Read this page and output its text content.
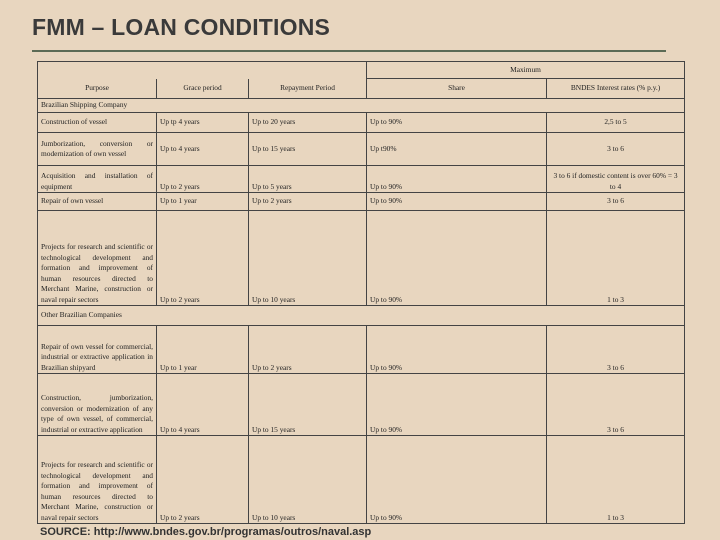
FMM – LOAN CONDITIONS
			Maximum	
Purpose	Grace period	Repayment Period	Share	BNDES Interest rates (% p.y.)
Brazilian Shipping Company				
Construction of vessel	Up tp 4 years	Up to 20 years	Up to 90%	2,5 to 5
Jumborization, conversion or modernization of own vessel	Up to 4 years	Up to 15 years	Up t90%	3 to 6
Acquisition and installation of equipment	Up to 2 years	Up to 5 years	Up to 90%	3 to 6 if domestic content is over 60% = 3 to 4
Repair of own vessel	Up to 1 year	Up to 2 years	Up to 90%	3 to 6
Projects for research and scientific or technological development and formation and improvement of human resources directed to Merchant Marine, construction or naval repair sectors	Up to 2 years	Up to 10 years	Up to 90%	1 to 3
Other Brazilian Companies				
Repair of own vessel for commercial, industrial or extractive application in Brazilian shipyard	Up to 1 year	Up to 2 years	Up to 90%	3 to 6
Construction, jumborization, conversion or modernization of any type of own vessel, of commercial, industrial or extractive application	Up to 4 years	Up to 15 years	Up to 90%	3 to 6
Projects for research and scientific or technological development and formation and improvement of human resources directed to Merchant Marine, construction or naval repair sectors	Up to 2 years	Up to 10 years	Up to 90%	1 to 3
SOURCE: http://www.bndes.gov.br/programas/outros/naval.asp
